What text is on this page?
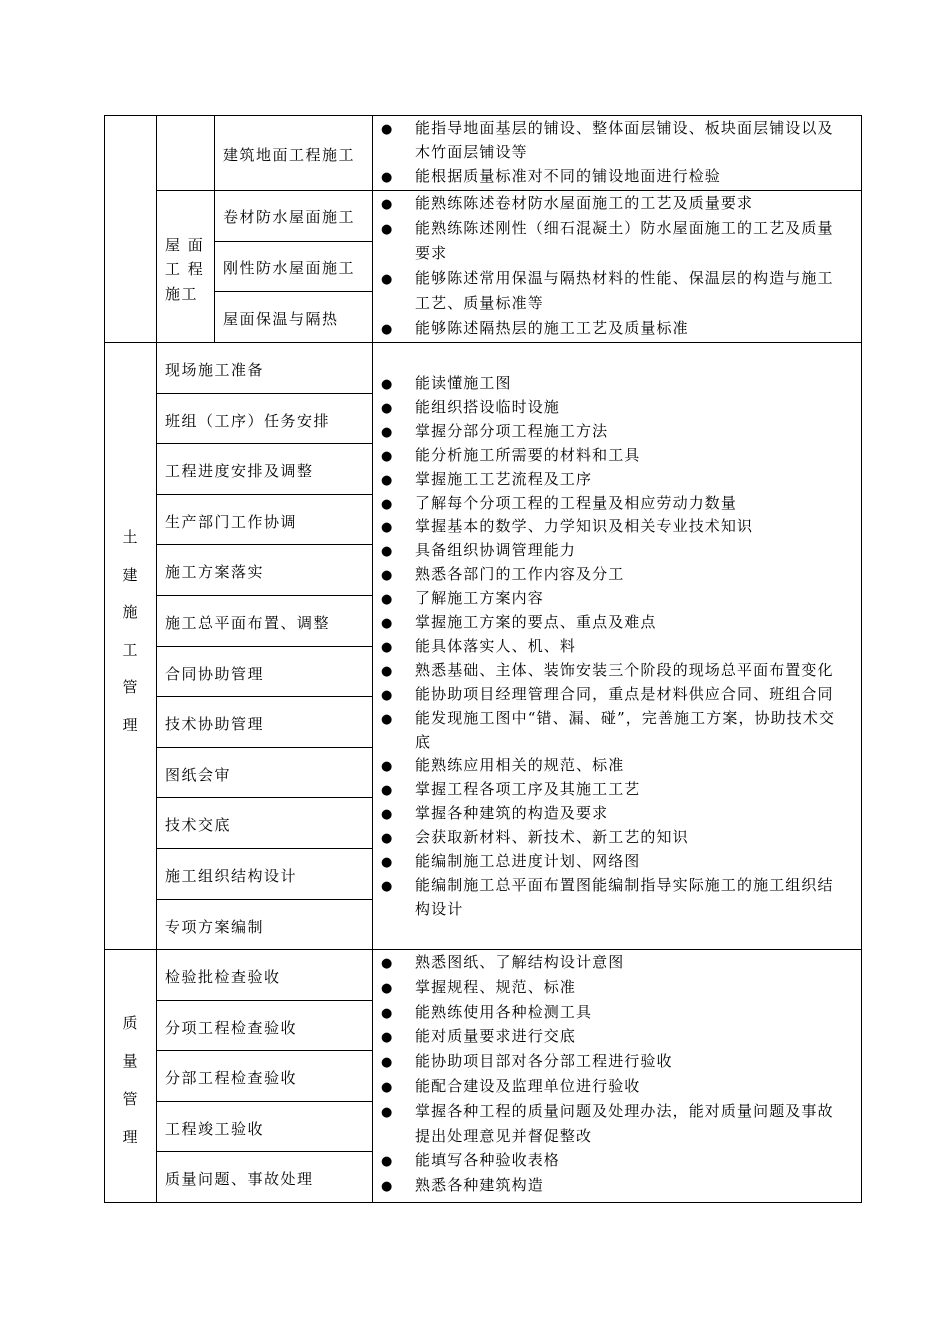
建筑地面工程施工
屋 面
工 程
施工
卷材防水屋面施工
刚性防水屋面施工
屋面保温与隔热
● 能指导地面基层的铺设、整体面层铺设、板块面层铺设以及
木竹面层铺设等
● 能根据质量标准对不同的铺设地面进行检验
● 能熟练陈述卷材防水屋面施工的工艺及质量要求
● 能熟练陈述刚性（细石混凝土）防水屋面施工的工艺及质量
要求
● 能够陈述常用保温与隔热材料的性能、保温层的构造与施工
工艺、质量标准等
● 能够陈述隔热层的施工工艺及质量标准
现场施工准备
班组（工序）任务安排
工程进度安排及调整
生产部门工作协调
施工方案落实
施工总平面布置、调整
合同协助管理
技术协助管理
图纸会审
技术交底
施工组织结构设计
专项方案编制
土
建
施
工
管
理
● 能读懂施工图
● 能组织搭设临时设施
● 掌握分部分项工程施工方法
● 能分析施工所需要的材料和工具
● 掌握施工工艺流程及工序
● 了解每个分项工程的工程量及相应劳动力数量
● 掌握基本的数学、力学知识及相关专业技术知识
● 具备组织协调管理能力
● 熟悉各部门的工作内容及分工
● 了解施工方案内容
● 掌握施工方案的要点、重点及难点
● 能具体落实人、机、料
● 熟悉基础、主体、装饰安装三个阶段的现场总平面布置变化
● 能协助项目经理管理合同，重点是材料供应合同、班组合同
● 能发现施工图中“错、漏、碰”，完善施工方案，协助技术交
底
● 能熟练应用相关的规范、标准
● 掌握工程各项工序及其施工工艺
● 掌握各种建筑的构造及要求
● 会获取新材料、新技术、新工艺的知识
● 能编制施工总进度计划、网络图
● 能编制施工总平面布置图能编制指导实际施工的施工组织结
构设计
检验批检查验收
分项工程检查验收
分部工程检查验收
工程竣工验收
质量问题、事故处理
质
量
管
理
● 熟悉图纸、了解结构设计意图
● 掌握规程、规范、标准
● 能熟练使用各种检测工具
● 能对质量要求进行交底
● 能协助项目部对各分部工程进行验收
● 能配合建设及监理单位进行验收
● 掌握各种工程的质量问题及处理办法，能对质量问题及事故
提出处理意见并督促整改
● 能填写各种验收表格
● 熟悉各种建筑构造
